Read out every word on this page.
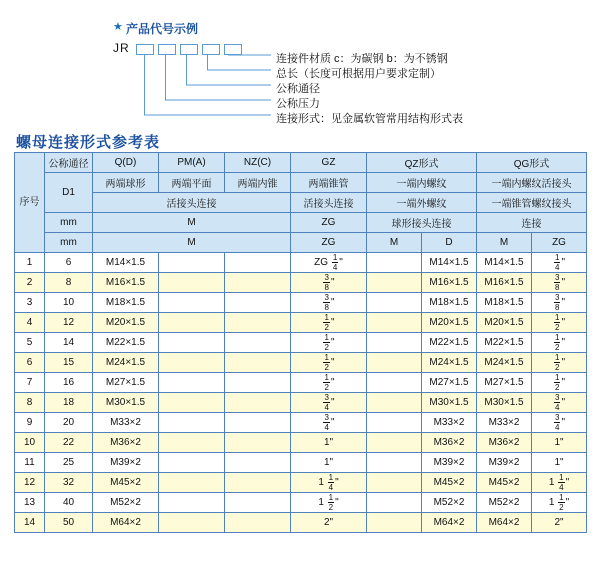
★ 产品代号示例
JR
连接件材质 c：为碳钢 b：为不锈钢
总长（长度可根据用户要求定制）
公称通径
公称压力
连接形式：见金属软管常用结构形式表
螺母连接形式参考表
序号	公称通径	Q(D)	PM(A)	NZ(C)	GZ	QZ形式		QG形式	
	D1	两端球形	两端平面	两端内锥	两端锥管	一端内螺纹		一端内螺纹活接头	
		活接头连接			活接头连接	一端外螺纹		一端锥管螺纹接头	
	mm	M			ZG	球形接头连接		连接	
	mm	M			ZG	M	D	M	ZG
1	6	M14×1.5			ZG $\frac{1}{4}$ "		M14×1.5	M14×1.5	$\frac{1}{4}$ "
2	8	M16×1.5			$\frac{3}{8}$ "		M16×1.5	M16×1.5	$\frac{3}{8}$ "
3	10	M18×1.5			$\frac{3}{8}$ "		M18×1.5	M18×1.5	$\frac{3}{8}$ "
4	12	M20×1.5			$\frac{1}{2}$ "		M20×1.5	M20×1.5	$\frac{1}{2}$ "
5	14	M22×1.5			$\frac{1}{2}$ "		M22×1.5	M22×1.5	$\frac{1}{2}$ "
6	15	M24×1.5			$\frac{1}{2}$ "		M24×1.5	M24×1.5	$\frac{1}{2}$ "
7	16	M27×1.5			$\frac{1}{2}$ "		M27×1.5	M27×1.5	$\frac{1}{2}$ "
8	18	M30×1.5			$\frac{3}{4}$ "		M30×1.5	M30×1.5	$\frac{3}{4}$ "
9	20	M33×2			$\frac{3}{4}$ "		M33×2	M33×2	$\frac{3}{4}$ "
10	22	M36×2			1"		M36×2	M36×2	1"
11	25	M39×2			1"		M39×2	M39×2	1"
12	32	M45×2			$1 \frac{1}{4}$ "		M45×2	M45×2	$1 \frac{1}{4}$ "
13	40	M52×2			$1 \frac{1}{2}$ "		M52×2	M52×2	$1 \frac{1}{2}$ "
14	50	M64×2			2"		M64×2	M64×2	2"
